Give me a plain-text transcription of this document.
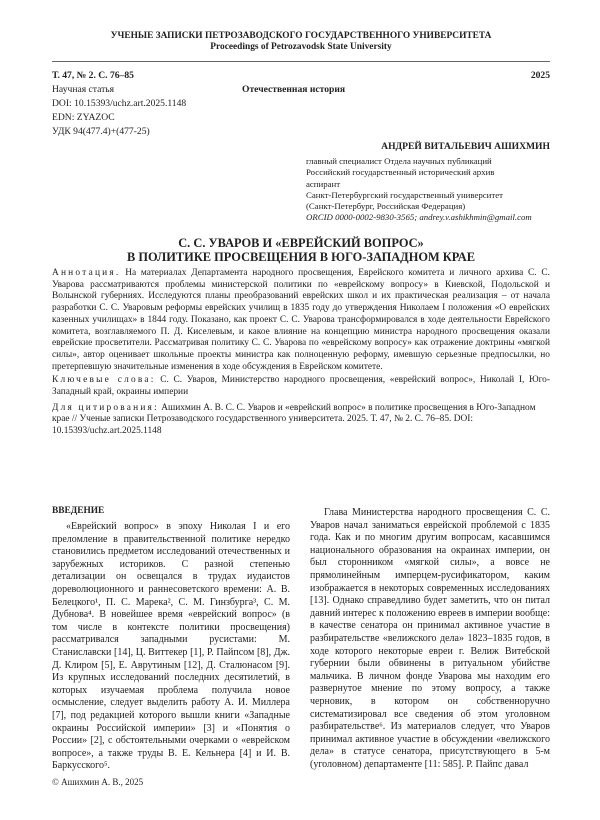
УЧЕНЫЕ ЗАПИСКИ ПЕТРОЗАВОДСКОГО ГОСУДАРСТВЕННОГО УНИВЕРСИТЕТА
Proceedings of Petrozavodsk State University
Т. 47, № 2. С. 76–85	2025
Научная статья	Отечественная история
DOI: 10.15393/uchz.art.2025.1148
EDN: ZYAZOC
УДК 94(477.4)+(477-25)
АНДРЕЙ ВИТАЛЬЕВИЧ АШИХМИН
главный специалист Отдела научных публикаций
Российский государственный исторический архив
аспирант
Санкт-Петербургский государственный университет
(Санкт-Петербург, Российская Федерация)
ORCID 0000-0002-9830-3565; andrey.v.ashikhmin@gmail.com
С. С. УВАРОВ И «ЕВРЕЙСКИЙ ВОПРОС»
В ПОЛИТИКЕ ПРОСВЕЩЕНИЯ В ЮГО-ЗАПАДНОМ КРАЕ

Аннотация. На материалах Департамента народного просвещения, Еврейского комитета и личного архива С. С. Уварова рассматриваются проблемы министерской политики по «еврейскому вопросу» в Киевской, Подольской и Волынской губерниях. Исследуются планы преобразований еврейских школ и их практическая реализация – от начала разработки С. С. Уваровым реформы еврейских училищ в 1835 году до утверждения Николаем I положения «О еврейских казенных училищах» в 1844 году. Показано, как проект С. С. Уварова трансформировался в ходе деятельности Еврейского комитета, возглавляемого П. Д. Киселевым, и какое влияние на концепцию министра народного просвещения оказали еврейские просветители. Рассматривая политику С. С. Уварова по «еврейскому вопросу» как отражение доктрины «мягкой силы», автор оценивает школьные проекты министра как полноценную реформу, имевшую серьезные предпосылки, но претерпевшую значительные изменения в ходе обсуждения в Еврейском комитете.

Ключевые слова: С. С. Уваров, Министерство народного просвещения, «еврейский вопрос», Николай I, Юго-Западный край, окраины империи

Для цитирования: Ашихмин А. В. С. С. Уваров и «еврейский вопрос» в политике просвещения в Юго-Западном крае // Ученые записки Петрозаводского государственного университета. 2025. Т. 47, № 2. С. 76–85. DOI: 10.15393/uchz.art.2025.1148

ВВЕДЕНИЕ

«Еврейский вопрос» в эпоху Николая I и его преломление в правительственной политике нередко становились предметом исследований отечественных и зарубежных историков. С разной степенью детализации он освещался в трудах иудаистов дореволюционного и раннесоветского времени: А. В. Белецкого¹, П. С. Марека², С. М. Гинзбурга³, С. М. Дубнова⁴. В новейшее время «еврейский вопрос» (в том числе в контексте политики просвещения) рассматривался западными русистами: М. Станиславски [14], Ц. Виттекер [1], Р. Пайпсом [8], Дж. Д. Клиром [5], Е. Аврутиным [12], Д. Сталюнасом [9]. Из крупных исследований последних десятилетий, в которых изучаемая проблема получила новое осмысление, следует выделить работу А. И. Миллера [7], под редакцией которого вышли книги «Западные окраины Российской империи» [3] и «Понятия о России» [2], с обстоятельными очерками о «еврейском вопросе», а также труды В. Е. Кельнера [4] и И. В. Баркусского⁵.

© Ашихмин А. В., 2025

Глава Министерства народного просвещения С. С. Уваров начал заниматься еврейской проблемой с 1835 года. Как и по многим другим вопросам, касавшимся национального образования на окраинах империи, он был сторонником «мягкой силы», а вовсе не прямолинейным имперцем-русификатором, каким изображается в некоторых современных исследованиях [13]. Однако справедливо будет заметить, что он питал давний интерес к положению евреев в империи вообще: в качестве сенатора он принимал активное участие в разбирательстве «велижского дела» 1823–1835 годов, в ходе которого некоторые евреи г. Велиж Витебской губернии были обвинены в ритуальном убийстве мальчика. В личном фонде Уварова мы находим его развернутое мнение по этому вопросу, а также черновик, в котором он собственноручно систематизировал все сведения об этом уголовном разбирательстве⁶. Из материалов следует, что Уваров принимал активное участие в обсуждении «велижского дела» в статусе сенатора, присутствующего в 5-м (уголовном) департаменте [11: 585]. Р. Пайпс давал
